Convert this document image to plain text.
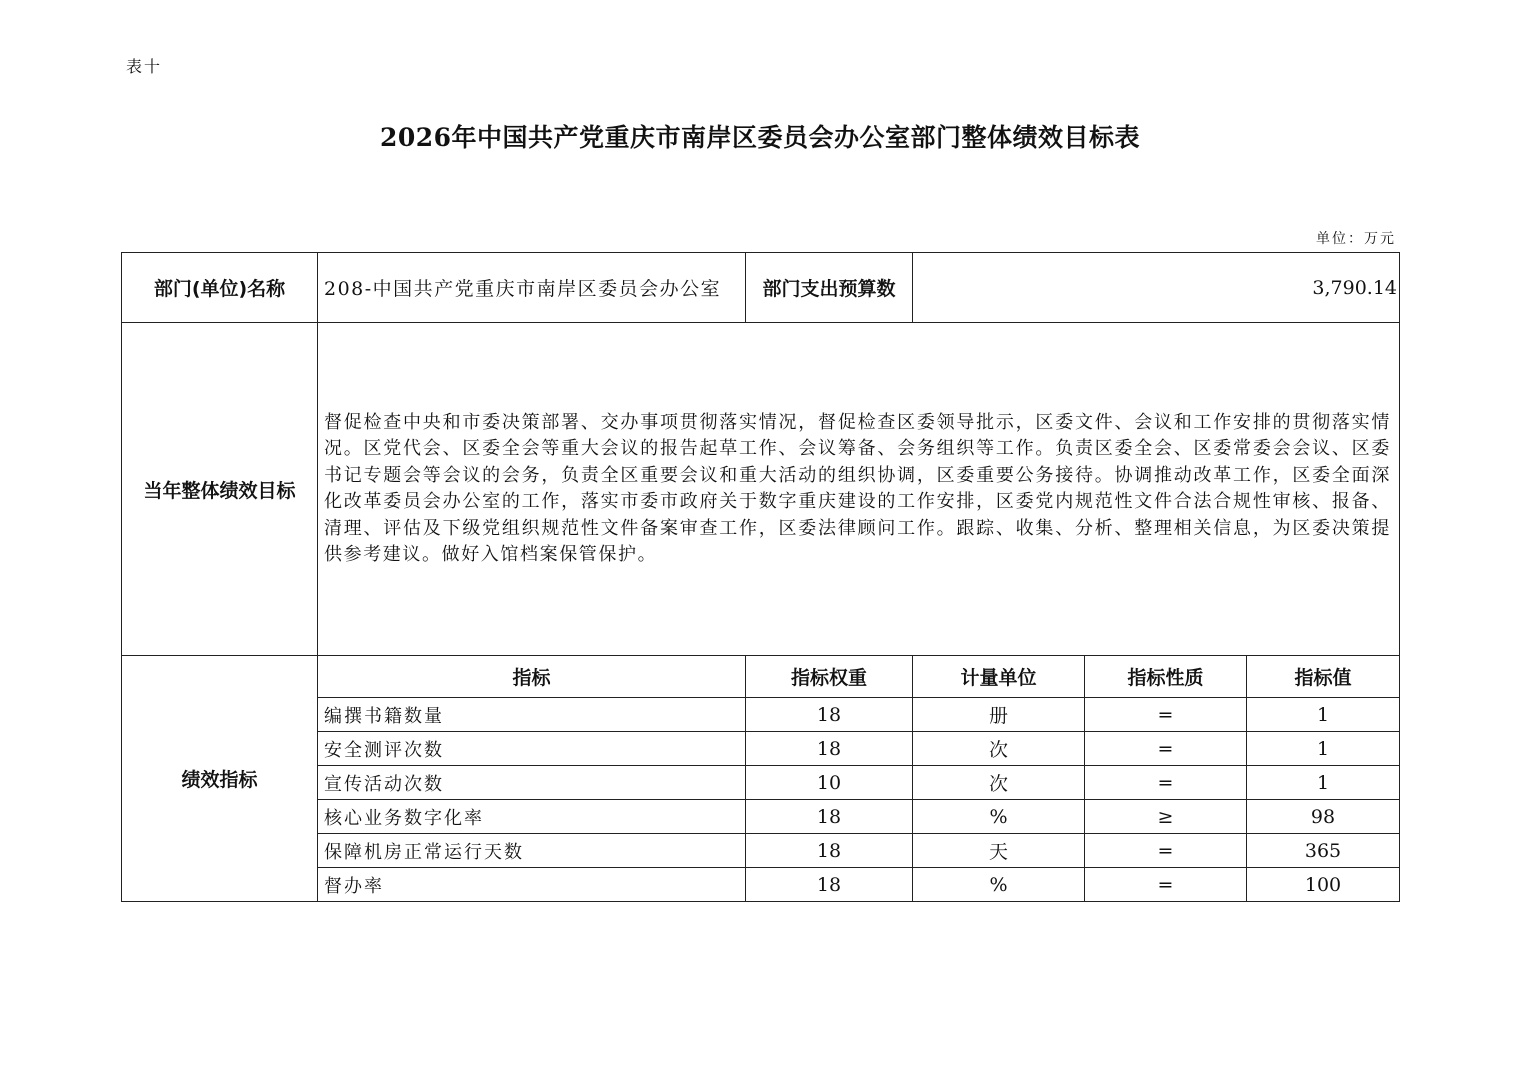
表十
2026年中国共产党重庆市南岸区委员会办公室部门整体绩效目标表
单位：万元
部门(单位)名称	208-中国共产党重庆市南岸区委员会办公室	部门支出预算数	3,790.14		
当年整体绩效目标	督促检查中央和市委决策部署、交办事项贯彻落实情况，督促检查区委领导批示，区委文件、会议和工作安排的贯彻落实情况。区党代会、区委全会等重大会议的报告起草工作、会议筹备、会务组织等工作。负责区委全会、区委常委会会议、区委书记专题会等会议的会务，负责全区重要会议和重大活动的组织协调，区委重要公务接待。协调推动改革工作，区委全面深化改革委员会办公室的工作，落实市委市政府关于数字重庆建设的工作安排，区委党内规范性文件合法合规性审核、报备、清理、评估及下级党组织规范性文件备案审查工作，区委法律顾问工作。跟踪、收集、分析、整理相关信息，为区委决策提供参考建议。做好入馆档案保管保护。				
绩效指标	指标	指标权重	计量单位	指标性质	指标值
	编撰书籍数量	18	册	=	1
	安全测评次数	18	次	=	1
	宣传活动次数	10	次	=	1
	核心业务数字化率	18	%	≥	98
	保障机房正常运行天数	18	天	=	365
	督办率	18	%	=	100
